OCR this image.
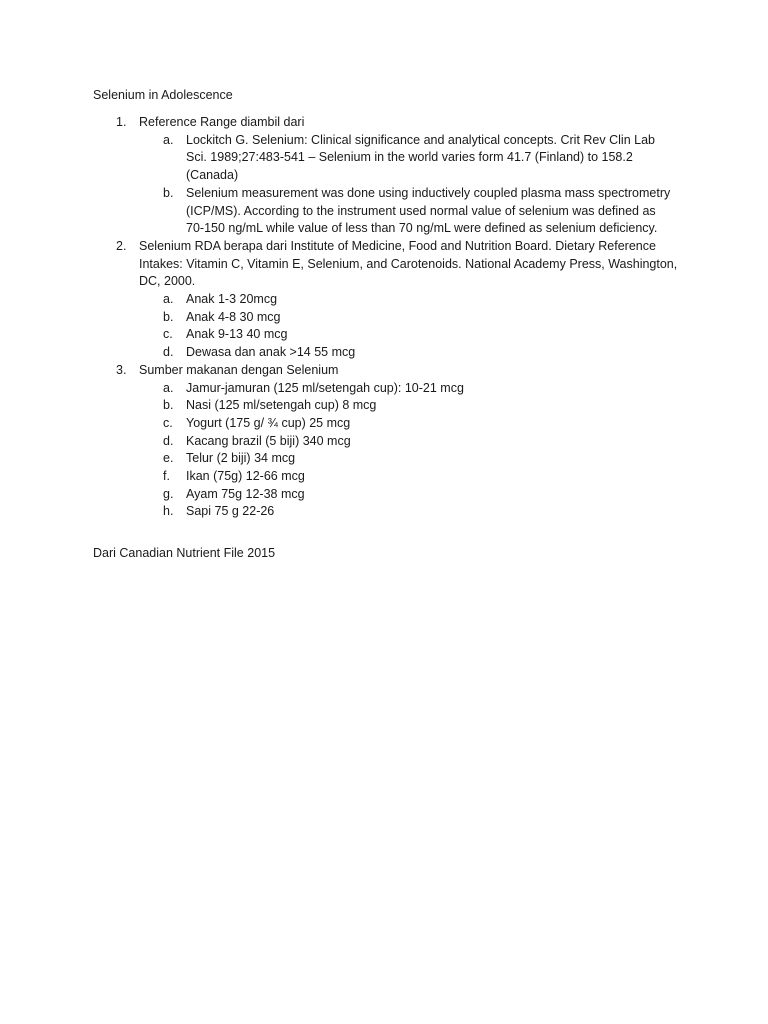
Selenium in Adolescence
1. Reference Range diambil dari
a. Lockitch G. Selenium: Clinical significance and analytical concepts. Crit Rev Clin Lab Sci. 1989;27:483-541 – Selenium in the world varies form 41.7 (Finland) to 158.2 (Canada)
b. Selenium measurement was done using inductively coupled plasma mass spectrometry (ICP/MS). According to the instrument used normal value of selenium was defined as 70-150 ng/mL while value of less than 70 ng/mL were defined as selenium deficiency.
2. Selenium RDA berapa dari Institute of Medicine, Food and Nutrition Board. Dietary Reference Intakes: Vitamin C, Vitamin E, Selenium, and Carotenoids. National Academy Press, Washington, DC, 2000.
a. Anak 1-3 20mcg
b. Anak 4-8 30 mcg
c. Anak 9-13 40 mcg
d. Dewasa dan anak >14 55 mcg
3. Sumber makanan dengan Selenium
a. Jamur-jamuran (125 ml/setengah cup): 10-21 mcg
b. Nasi (125 ml/setengah cup) 8 mcg
c. Yogurt (175 g/ ¾ cup) 25 mcg
d. Kacang brazil (5 biji) 340 mcg
e. Telur (2 biji) 34 mcg
f. Ikan (75g) 12-66 mcg
g. Ayam 75g 12-38 mcg
h. Sapi 75 g 22-26
Dari Canadian Nutrient File 2015
